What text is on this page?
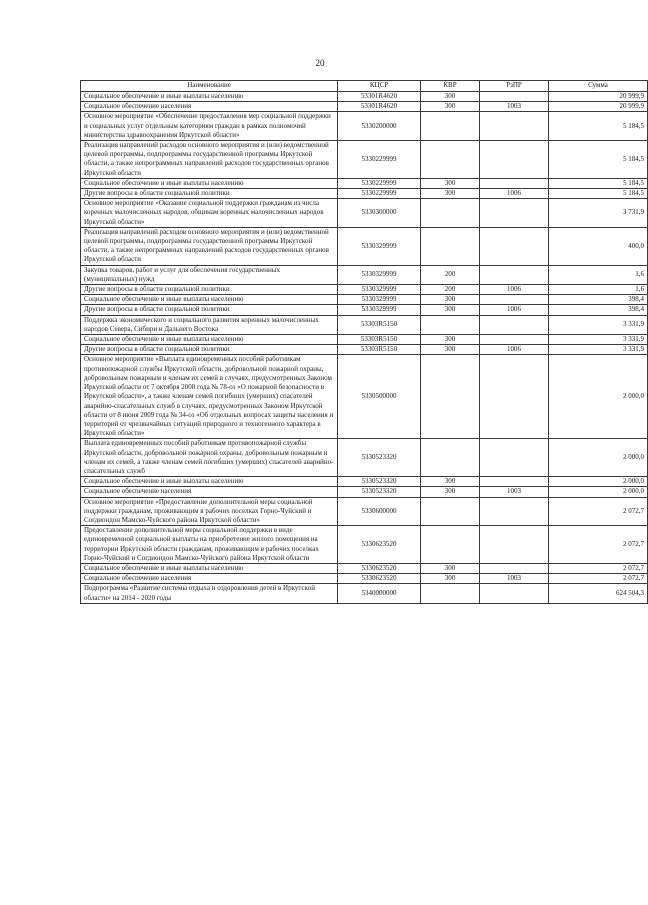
20
Наименование	КЦСР	КВР	РзПР	Сумма
Социальное обеспечение и иные выплаты населению	53301R4620	300		20 999,9
Социальное обеспечение населения	53301R4620	300	1003	20 999,9
Основное мероприятие «Обеспечение предоставления мер социальной поддержки и социальных услуг отдельным категориям граждан в рамках полномочий министерства здравоохранения Иркутской области»	5330200000			5 184,5
Реализация направлений расходов основного мероприятия и (или) ведомственной целевой программы, подпрограммы государственной программы Иркутской области, а также непрограммных направлений расходов государственных органов Иркутской области	5330229999			5 184,5
Социальное обеспечение и иные выплаты населению	5330229999	300		5 184,5
Другие вопросы в области социальной политики	5330229999	300	1006	5 184,5
Основное мероприятие «Оказание социальной поддержки гражданам из числа коренных малочисленных народов, общинам коренных малочисленных народов Иркутской области»	5330300000			3 731,9
Реализация направлений расходов основного мероприятия и (или) ведомственной целевой программы, подпрограммы государственной программы Иркутской области, а также непрограммных направлений расходов государственных органов Иркутской области	5330329999			400,0
Закупка товаров, работ и услуг для обеспечения государственных (муниципальных) нужд	5330329999	200		1,6
Другие вопросы в области социальной политики	5330329999	200	1006	1,6
Социальное обеспечение и иные выплаты населению	5330329999	300		398,4
Другие вопросы в области социальной политики	5330329999	300	1006	398,4
Поддержка экономического и социального развития коренных малочисленных народов Севера, Сибири и Дальнего Востока	53303R5150			3 331,9
Социальное обеспечение и иные выплаты населению	53303R5150	300		3 331,9
Другие вопросы в области социальной политики	53303R5150	300	1006	3 331,9
Основное мероприятие «Выплата единовременных пособий работникам противопожарной службы Иркутской области, добровольной пожарной охраны, добровольным пожарным и членам их семей в случаях, предусмотренных Законом Иркутской области от 7 октября 2008 года № 78-оз «О пожарной безопасности в Иркутской области», а также членам семей погибших (умерших) спасателей аварийно-спасательных служб в случаях, предусмотренных Законом Иркутской области от 8 июня 2009 года № 34-оз «Об отдельных вопросах защиты населения и территорий от чрезвычайных ситуаций природного и техногенного характера в Иркутской области»	5330500000			2 000,0
Выплата единовременных пособий работникам противопожарной службы Иркутской области, добровольной пожарной охраны, добровольным пожарным и членам их семей, а также членам семей погибших (умерших) спасателей аварийно-спасательных служб	5330523320			2 000,0
Социальное обеспечение и иные выплаты населению	5330523320	300		2 000,0
Социальное обеспечение населения	5330523320	300	1003	2 000,0
Основное мероприятие «Предоставление дополнительной меры социальной поддержки гражданам, проживающим в рабочих поселках Горно-Чуйский и Согдиондон Мамско-Чуйского района Иркутской области»	5330600000			2 072,7
Предоставление дополнительной меры социальной поддержки в виде единовременной социальной выплаты на приобретение жилого помещения на территории Иркутской области гражданам, проживающим в рабочих поселках Горно-Чуйский и Согдиондон Мамско-Чуйского района Иркутской области	5330623520			2 072,7
Социальное обеспечение и иные выплаты населению	5330623520	300		2 072,7
Социальное обеспечение населения	5330623520	300	1003	2 072,7
Подпрограмма «Развитие системы отдыха и оздоровления детей в Иркутской области» на 2014 - 2020 годы	5340000000			624 504,3
